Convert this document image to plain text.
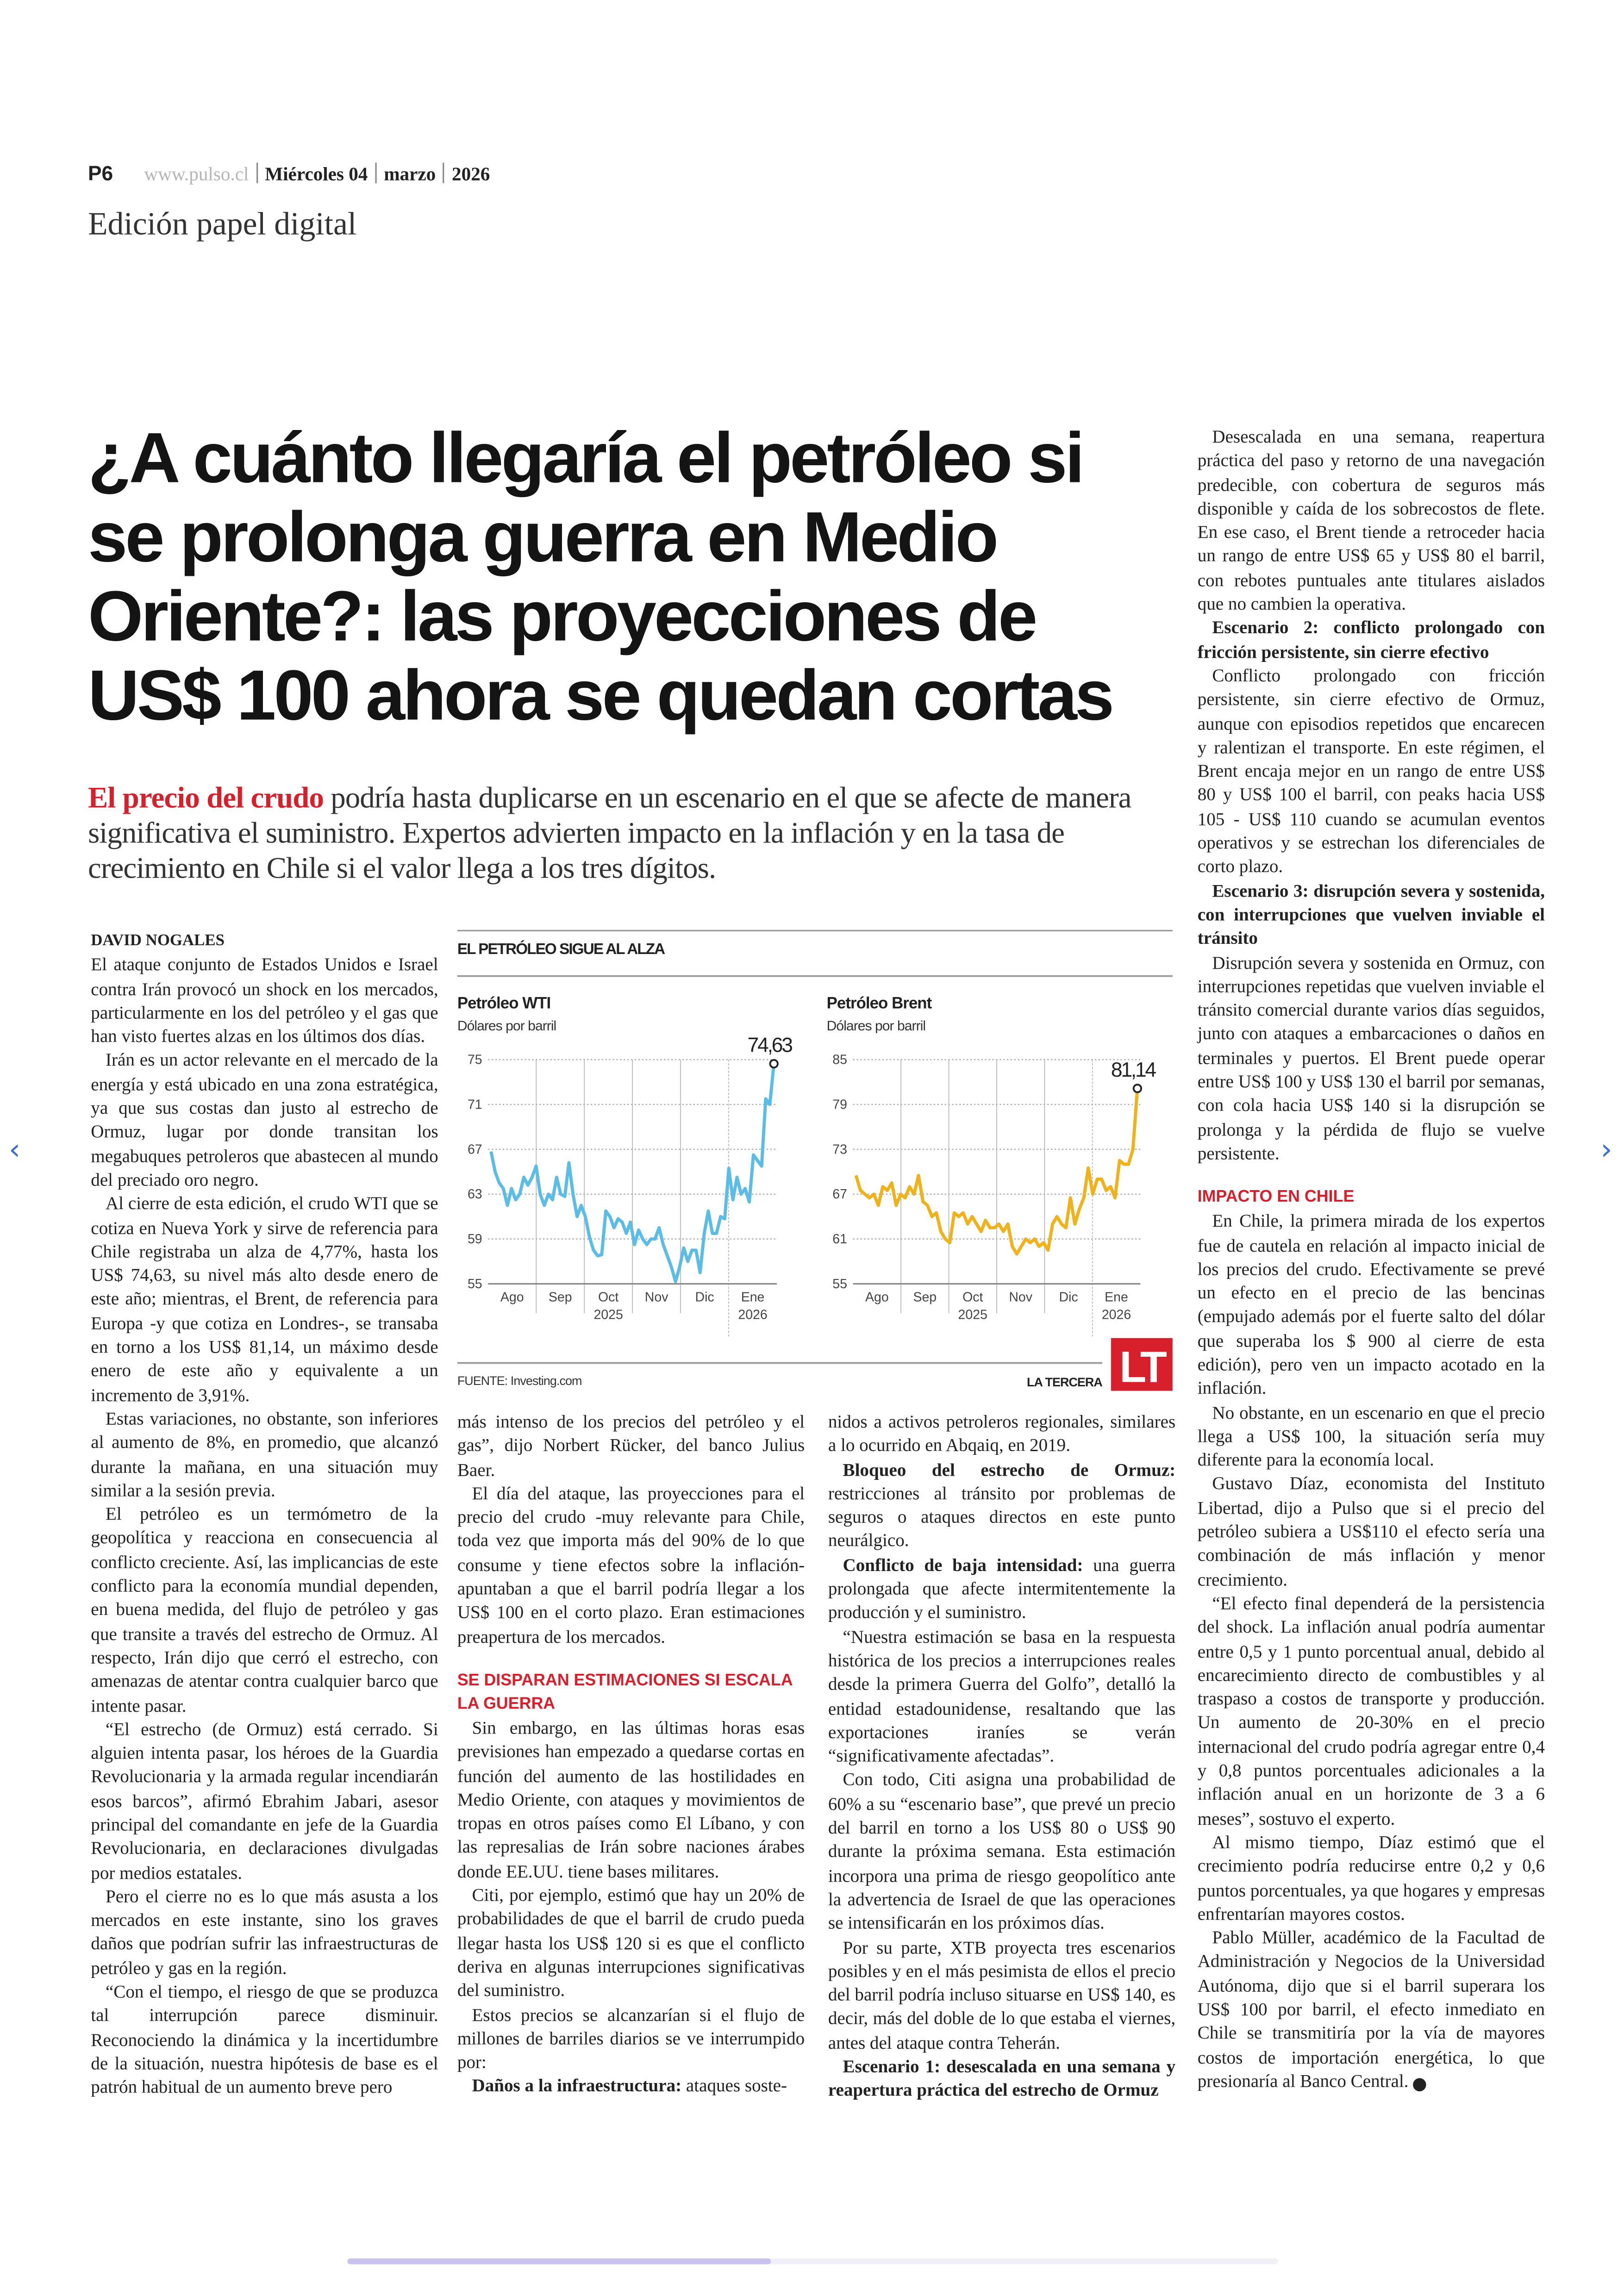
P6	www.pulso.cl	Miércoles 04	marzo	2026
Edición papel digital
¿A cuánto llegaría el petróleo si se prolonga guerra en Medio Oriente?: las proyecciones de US$ 100 ahora se quedan cortas

El precio del crudo podría hasta duplicarse en un escenario en el que se afecte de manera significativa el suministro. Expertos advierten impacto en la inflación y en la tasa de crecimiento en Chile si el valor llega a los tres dígitos.

DAVID NOGALES

El ataque conjunto de Estados Unidos e Israel contra Irán provocó un shock en los mercados, particularmente en los del petróleo y el gas que han visto fuertes alzas en los últimos dos días.

Irán es un actor relevante en el mercado de la energía y está ubicado en una zona estratégica, ya que sus costas dan justo al estrecho de Ormuz, lugar por donde transitan los megabuques petroleros que abastecen al mundo del preciado oro negro.

Al cierre de esta edición, el crudo WTI que se cotiza en Nueva York y sirve de referencia para Chile registraba un alza de 4,77%, hasta los US$ 74,63, su nivel más alto desde enero de este año; mientras, el Brent, de referencia para Europa -y que cotiza en Londres-, se transaba en torno a los US$ 81,14, un máximo desde enero de este año y equivalente a un incremento de 3,91%.

Estas variaciones, no obstante, son inferiores al aumento de 8%, en promedio, que alcanzó durante la mañana, en una situación muy similar a la sesión previa.

El petróleo es un termómetro de la geopolítica y reacciona en consecuencia al conflicto creciente. Así, las implicancias de este conflicto para la economía mundial dependen, en buena medida, del flujo de petróleo y gas que transite a través del estrecho de Ormuz. Al respecto, Irán dijo que cerró el estrecho, con amenazas de atentar contra cualquier barco que intente pasar.

“El estrecho (de Ormuz) está cerrado. Si alguien intenta pasar, los héroes de la Guardia Revolucionaria y la armada regular incendiarán esos barcos”, afirmó Ebrahim Jabari, asesor principal del comandante en jefe de la Guardia Revolucionaria, en declaraciones divulgadas por medios estatales.

Pero el cierre no es lo que más asusta a los mercados en este instante, sino los graves daños que podrían sufrir las infraestructuras de petróleo y gas en la región.

“Con el tiempo, el riesgo de que se produzca tal interrupción parece disminuir. Reconociendo la dinámica y la incertidumbre de la situación, nuestra hipótesis de base es el patrón habitual de un aumento breve pero

más intenso de los precios del petróleo y el gas”, dijo Norbert Rücker, del banco Julius Baer.

El día del ataque, las proyecciones para el precio del crudo -muy relevante para Chile, toda vez que importa más del 90% de lo que consume y tiene efectos sobre la inflación- apuntaban a que el barril podría llegar a los US$ 100 en el corto plazo. Eran estimaciones preapertura de los mercados.

SE DISPARAN ESTIMACIONES SI ESCALA LA GUERRA

Sin embargo, en las últimas horas esas previsiones han empezado a quedarse cortas en función del aumento de las hostilidades en Medio Oriente, con ataques y movimientos de tropas en otros países como El Líbano, y con las represalias de Irán sobre naciones árabes donde EE.UU. tiene bases militares.

Citi, por ejemplo, estimó que hay un 20% de probabilidades de que el barril de crudo pueda llegar hasta los US$ 120 si es que el conflicto deriva en algunas interrupciones significativas del suministro.

Estos precios se alcanzarían si el flujo de millones de barriles diarios se ve interrumpido por:

Daños a la infraestructura: ataques soste-

nidos a activos petroleros regionales, similares a lo ocurrido en Abqaiq, en 2019.

Bloqueo del estrecho de Ormuz: restricciones al tránsito por problemas de seguros o ataques directos en este punto neurálgico.

Conflicto de baja intensidad: una guerra prolongada que afecte intermitentemente la producción y el suministro.

“Nuestra estimación se basa en la respuesta histórica de los precios a interrupciones reales desde la primera Guerra del Golfo”, detalló la entidad estadounidense, resaltando que las exportaciones iraníes se verán “significativamente afectadas”.

Con todo, Citi asigna una probabilidad de 60% a su “escenario base”, que prevé un precio del barril en torno a los US$ 80 o US$ 90 durante la próxima semana. Esta estimación incorpora una prima de riesgo geopolítico ante la advertencia de Israel de que las operaciones se intensificarán en los próximos días.

Por su parte, XTB proyecta tres escenarios posibles y en el más pesimista de ellos el precio del barril podría incluso situarse en US$ 140, es decir, más del doble de lo que estaba el viernes, antes del ataque contra Teherán.

Escenario 1: desescalada en una semana y reapertura práctica del estrecho de Ormuz

Desescalada en una semana, reapertura práctica del paso y retorno de una navegación predecible, con cobertura de seguros más disponible y caída de los sobrecostos de flete. En ese caso, el Brent tiende a retroceder hacia un rango de entre US$ 65 y US$ 80 el barril, con rebotes puntuales ante titulares aislados que no cambien la operativa.

Escenario 2: conflicto prolongado con fricción persistente, sin cierre efectivo

Conflicto prolongado con fricción persistente, sin cierre efectivo de Ormuz, aunque con episodios repetidos que encarecen y ralentizan el transporte. En este régimen, el Brent encaja mejor en un rango de entre US$ 80 y US$ 100 el barril, con peaks hacia US$ 105 - US$ 110 cuando se acumulan eventos operativos y se estrechan los diferenciales de corto plazo.

Escenario 3: disrupción severa y sostenida, con interrupciones que vuelven inviable el tránsito

Disrupción severa y sostenida en Ormuz, con interrupciones repetidas que vuelven inviable el tránsito comercial durante varios días seguidos, junto con ataques a embarcaciones o daños en terminales y puertos. El Brent puede operar entre US$ 100 y US$ 130 el barril por semanas, con cola hacia US$ 140 si la disrupción se prolonga y la pérdida de flujo se vuelve persistente.

IMPACTO EN CHILE

En Chile, la primera mirada de los expertos fue de cautela en relación al impacto inicial de los precios del crudo. Efectivamente se prevé un efecto en el precio de las bencinas (empujado además por el fuerte salto del dólar que superaba los $ 900 al cierre de esta edición), pero ven un impacto acotado en la inflación.

No obstante, en un escenario en que el precio llega a US$ 100, la situación sería muy diferente para la economía local.

Gustavo Díaz, economista del Instituto Libertad, dijo a Pulso que si el precio del petróleo subiera a US$110 el efecto sería una combinación de más inflación y menor crecimiento.

“El efecto final dependerá de la persistencia del shock. La inflación anual podría aumentar entre 0,5 y 1 punto porcentual anual, debido al encarecimiento directo de combustibles y al traspaso a costos de transporte y producción. Un aumento de 20-30% en el precio internacional del crudo podría agregar entre 0,4 y 0,8 puntos porcentuales adicionales a la inflación anual en un horizonte de 3 a 6 meses”, sostuvo el experto.

Al mismo tiempo, Díaz estimó que el crecimiento podría reducirse entre 0,2 y 0,6 puntos porcentuales, ya que hogares y empresas enfrentarían mayores costos.

Pablo Müller, académico de la Facultad de Administración y Negocios de la Universidad Autónoma, dijo que si el barril superara los US$ 100 por barril, el efecto inmediato en Chile se transmitiría por la vía de mayores costos de importación energética, lo que presionaría al Banco Central.	P

EL PETRÓLEO SIGUE AL ALZA
Petróleo WTI
Dólares por barril
75
71
67
63
59
55
Ago	Sep	Oct	Nov	Dic	Ene
2025	2026
74,63
Petróleo Brent
Dólares por barril
85
79
73
67
61
55
Ago	Sep	Oct	Nov	Dic	Ene
2025	2026
81,14
FUENTE: Investing.com	LA TERCERA LT
‹	›
